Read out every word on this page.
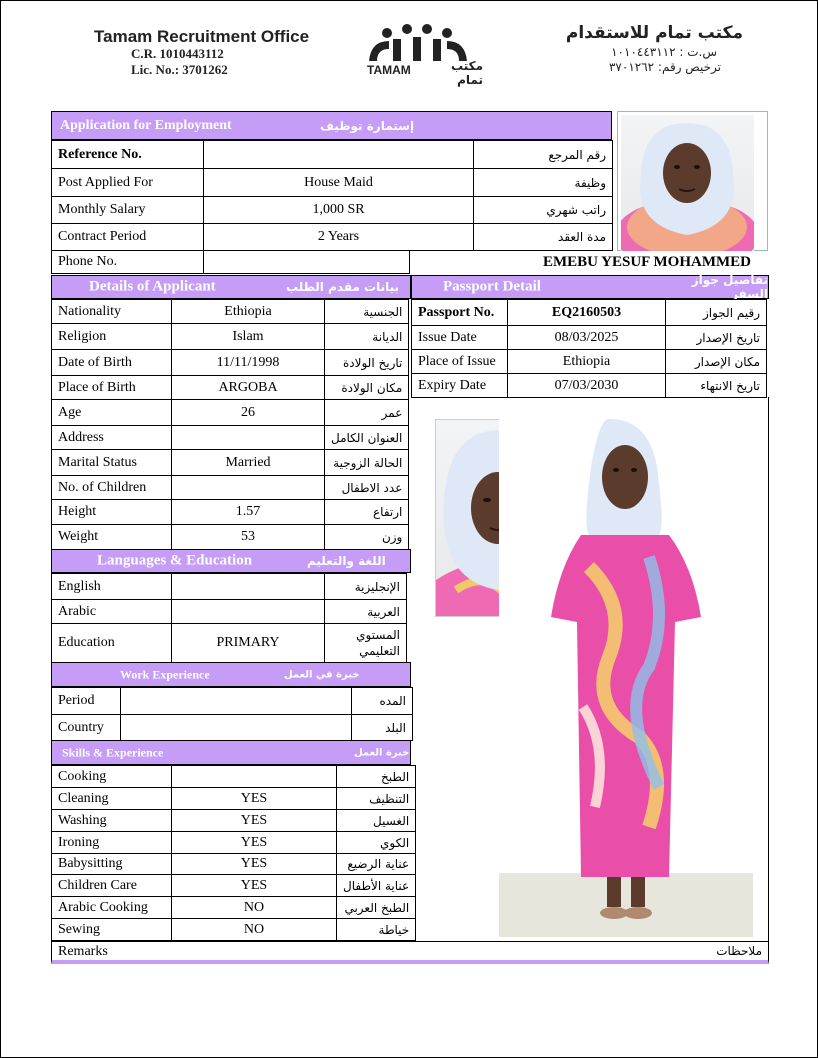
Tamam Recruitment Office
C.R. 1010443112
Lic. No.: 3701262	TAMAM	مكتب تمام
مكتب تمام للاستقدام
س.ت : ١٠١٠٤٤٣١١٢
ترخيص رقم: ٣٧٠١٢٦٢
Application for Employment	إستمارة توظيف
Reference No.		رقم المرجع
Post Applied For	House Maid	وظيفة
Monthly Salary	1,000 SR	راتب شهري
Contract Period	2 Years	مدة العقد
Phone No.		EMEBU YESUF MOHAMMED
Details of Applicant	بيانات مقدم الطلب
Nationality	Ethiopia	الجنسية
Religion	Islam	الديانة
Date of Birth	11/11/1998	تاريخ الولادة
Place of Birth	ARGOBA	مكان الولادة
Age	26	عمر
Address		العنوان الكامل
Marital Status	Married	الحالة الزوجية
No. of Children		عدد الاطفال
Height	1.57	ارتفاع
Weight	53	وزن
Languages & Education	اللغة والتعليم
English		الإنجليزية
Arabic		العربية
Education	PRIMARY	المستوي التعليمي
Work Experience	خبرة في العمل
Period		المده
Country		البلد
Skills & Experience	خبرة العمل
Cooking		الطبخ
Cleaning	YES	التنظيف
Washing	YES	الغسيل
Ironing	YES	الكوي
Babysitting	YES	عناية الرضيع
Children Care	YES	عناية الأطفال
Arabic Cooking	NO	الطبخ العربي
Sewing	NO	خياطة
Passport Detail	تفاصيل جواز السفر
Passport No.	EQ2160503	رقيم الجواز
Issue Date	08/03/2025	تاريخ الإصدار
Place of Issue	Ethiopia	مكان الإصدار
Expiry Date	07/03/2030	تاريخ الانتهاء
Remarks	ملاحظات
